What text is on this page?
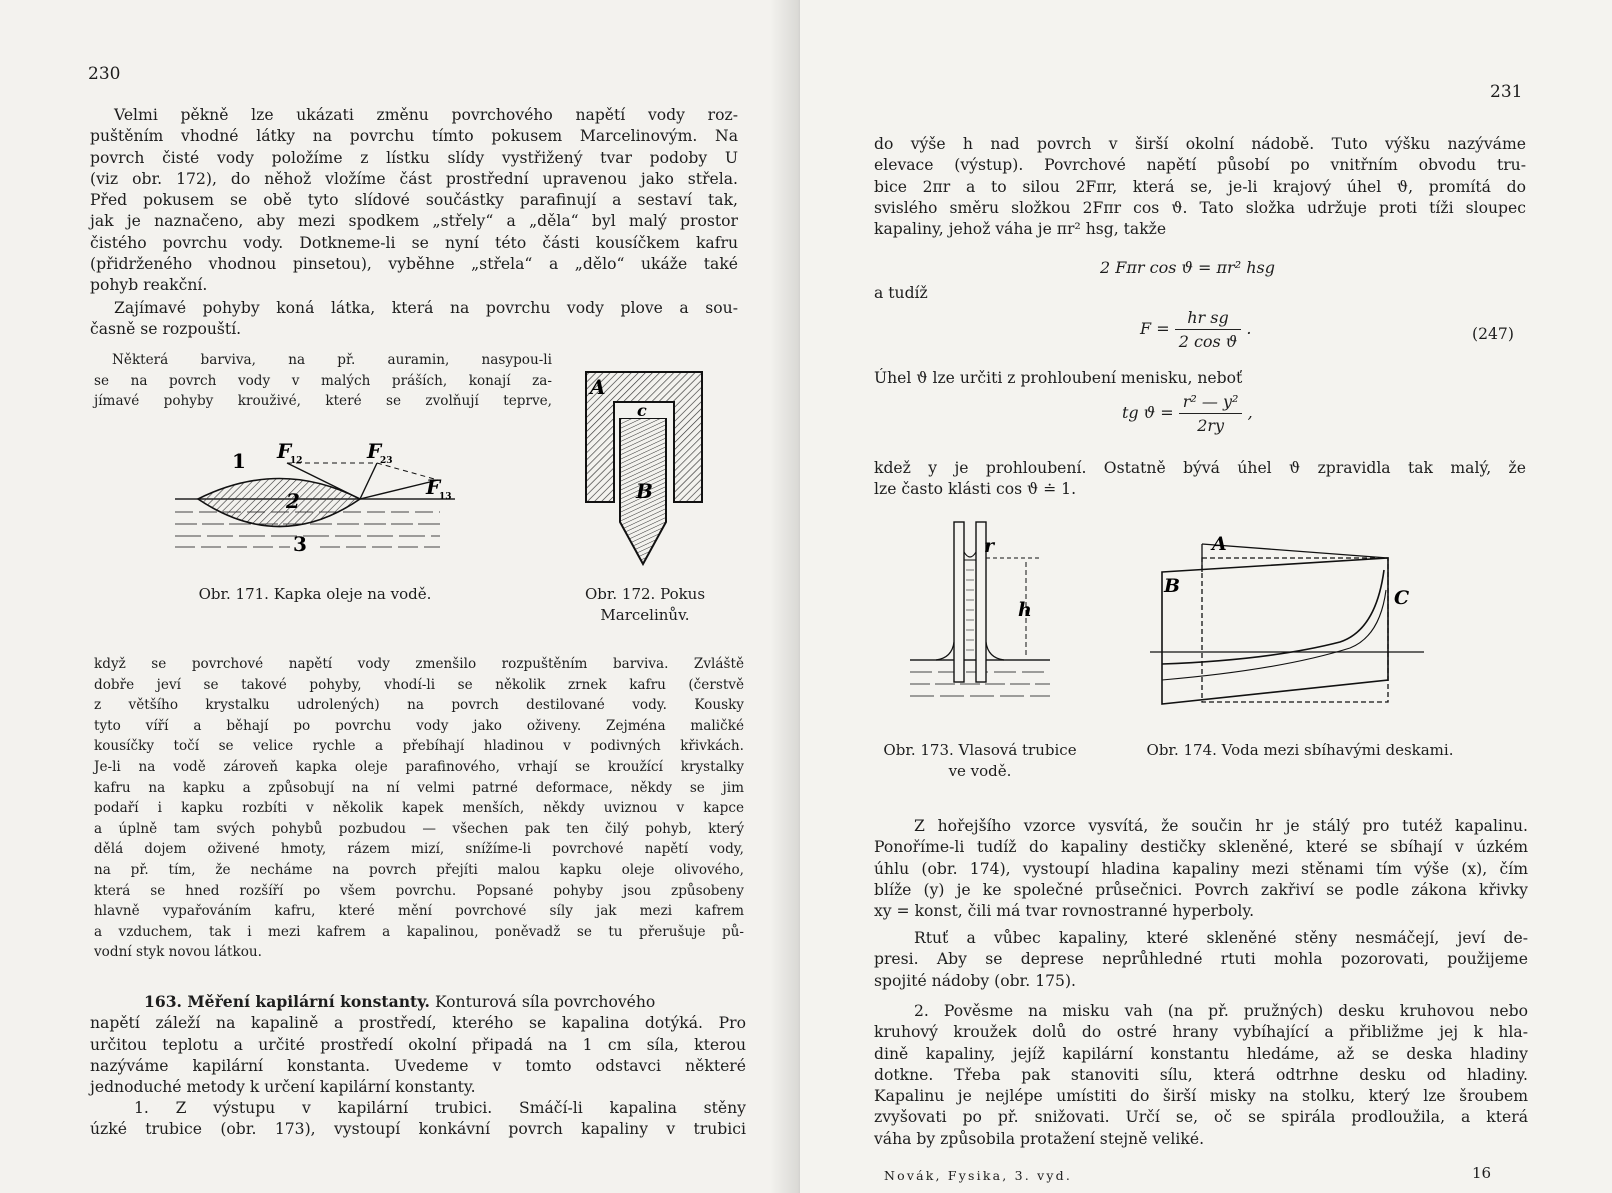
230
Velmi pěkně lze ukázati změnu povrchového napětí vody roz-
puštěním vhodné látky na povrchu tímto pokusem Marcelinovým. Na
povrch čisté vody položíme z lístku slídy vystřižený tvar podoby U
(viz obr. 172), do něhož vložíme část prostřední upravenou jako střela.
Před pokusem se obě tyto slídové součástky parafinují a sestaví tak,
jak je naznačeno, aby mezi spodkem „střely“ a „děla“ byl malý prostor
čistého povrchu vody. Dotkneme-li se nyní této části kousíčkem kafru
(přidrženého vhodnou pinsetou), vyběhne „střela“ a „dělo“ ukáže také
pohyb reakční.
Zajímavé pohyby koná látka, která na povrchu vody plove a sou-
časně se rozpouští.
Některá barviva, na př. auramin, nasypou-li
se na povrch vody v malých práších, konají za-
jímavé pohyby krouživé, které se zvolňují teprve,
1
2
3
F
12	F
23
F
13
Obr. 171. Kapka oleje na vodě.
A
c
B
Obr. 172. Pokus
Marcelinův.
když se povrchové napětí vody zmenšilo rozpuštěním barviva. Zvláště
dobře jeví se takové pohyby, vhodí-li se několik zrnek kafru (čerstvě
z většího krystalku udrolených) na povrch destilované vody. Kousky
tyto víří a běhají po povrchu vody jako oživeny. Zejména maličké
kousíčky točí se velice rychle a přebíhají hladinou v podivných křivkách.
Je-li na vodě zároveň kapka oleje parafinového, vrhají se kroužící krystalky
kafru na kapku a způsobují na ní velmi patrné deformace, někdy se jim
podaří i kapku rozbíti v několik kapek menších, někdy uviznou v kapce
a úplně tam svých pohybů pozbudou — všechen pak ten čilý pohyb, který
dělá dojem oživené hmoty, rázem mizí, snížíme-li povrchové napětí vody,
na př. tím, že necháme na povrch přejíti malou kapku oleje olivového,
která se hned rozšíří po všem povrchu. Popsané pohyby jsou způsobeny
hlavně vypařováním kafru, které mění povrchové síly jak mezi kafrem
a vzduchem, tak i mezi kafrem a kapalinou, poněvadž se tu přerušuje pů-
vodní styk novou látkou.

163. Měření kapilární konstanty. Konturová síla povrchového

napětí záleží na kapalině a prostředí, kterého se kapalina dotýká. Pro
určitou teplotu a určité prostředí okolní připadá na 1 cm síla, kterou
nazýváme kapilární konstanta. Uvedeme v tomto odstavci některé
jednoduché metody k určení kapilární konstanty.
1. Z výstupu v kapilární trubici. Smáčí-li kapalina stěny
úzké trubice (obr. 173), vystoupí konkávní povrch kapaliny v trubici
231
do výše h nad povrch v širší okolní nádobě. Tuto výšku nazýváme
elevace (výstup). Povrchové napětí působí po vnitřním obvodu tru-
bice 2πr a to silou 2Fπr, která se, je-li krajový úhel ϑ, promítá do
svislého směru složkou 2Fπr cos ϑ. Tato složka udržuje proti tíži sloupec
kapaliny, jehož váha je πr² hsg, takže
2 Fπr cos ϑ = πr² hsg
a tudíž
$F = \frac{\text{hr sg}}{\text{2 cos ϑ}}$ .	(247)

Úhel ϑ lze určiti z prohloubení menisku, neboť

tg $ϑ = \frac{\text{r² — y²}}{2ry}$ ,
kdež y je prohloubení. Ostatně bývá úhel ϑ zpravidla tak malý, že
lze často klásti cos ϑ ≐ 1.
r
h
Obr. 173. Vlasová trubice
ve vodě.
A
B
C
Obr. 174. Voda mezi sbíhavými deskami.
Z hořejšího vzorce vysvítá, že součin hr je stálý pro tutéž kapalinu.
Ponoříme-li tudíž do kapaliny destičky skleněné, které se sbíhají v úzkém
úhlu (obr. 174), vystoupí hladina kapaliny mezi stěnami tím výše (x), čím
blíže (y) je ke společné průsečnici. Povrch zakřiví se podle zákona křivky
xy = konst, čili má tvar rovnostranné hyperboly.
Rtuť a vůbec kapaliny, které skleněné stěny nesmáčejí, jeví de-
presi. Aby se deprese neprůhledné rtuti mohla pozorovati, použijeme
spojité nádoby (obr. 175).
2. Pověsme na misku vah (na př. pružných) desku kruhovou nebo
kruhový kroužek dolů do ostré hrany vybíhající a přibližme jej k hla-
dině kapaliny, jejíž kapilární konstantu hledáme, až se deska hladiny
dotkne. Třeba pak stanoviti sílu, která odtrhne desku od hladiny.
Kapalinu je nejlépe umístiti do širší misky na stolku, který lze šroubem
zvyšovati po př. snižovati. Určí se, oč se spirála prodloužila, a která
váha by způsobila protažení stejně veliké.
Novák, Fysika, 3. vyd.	16
